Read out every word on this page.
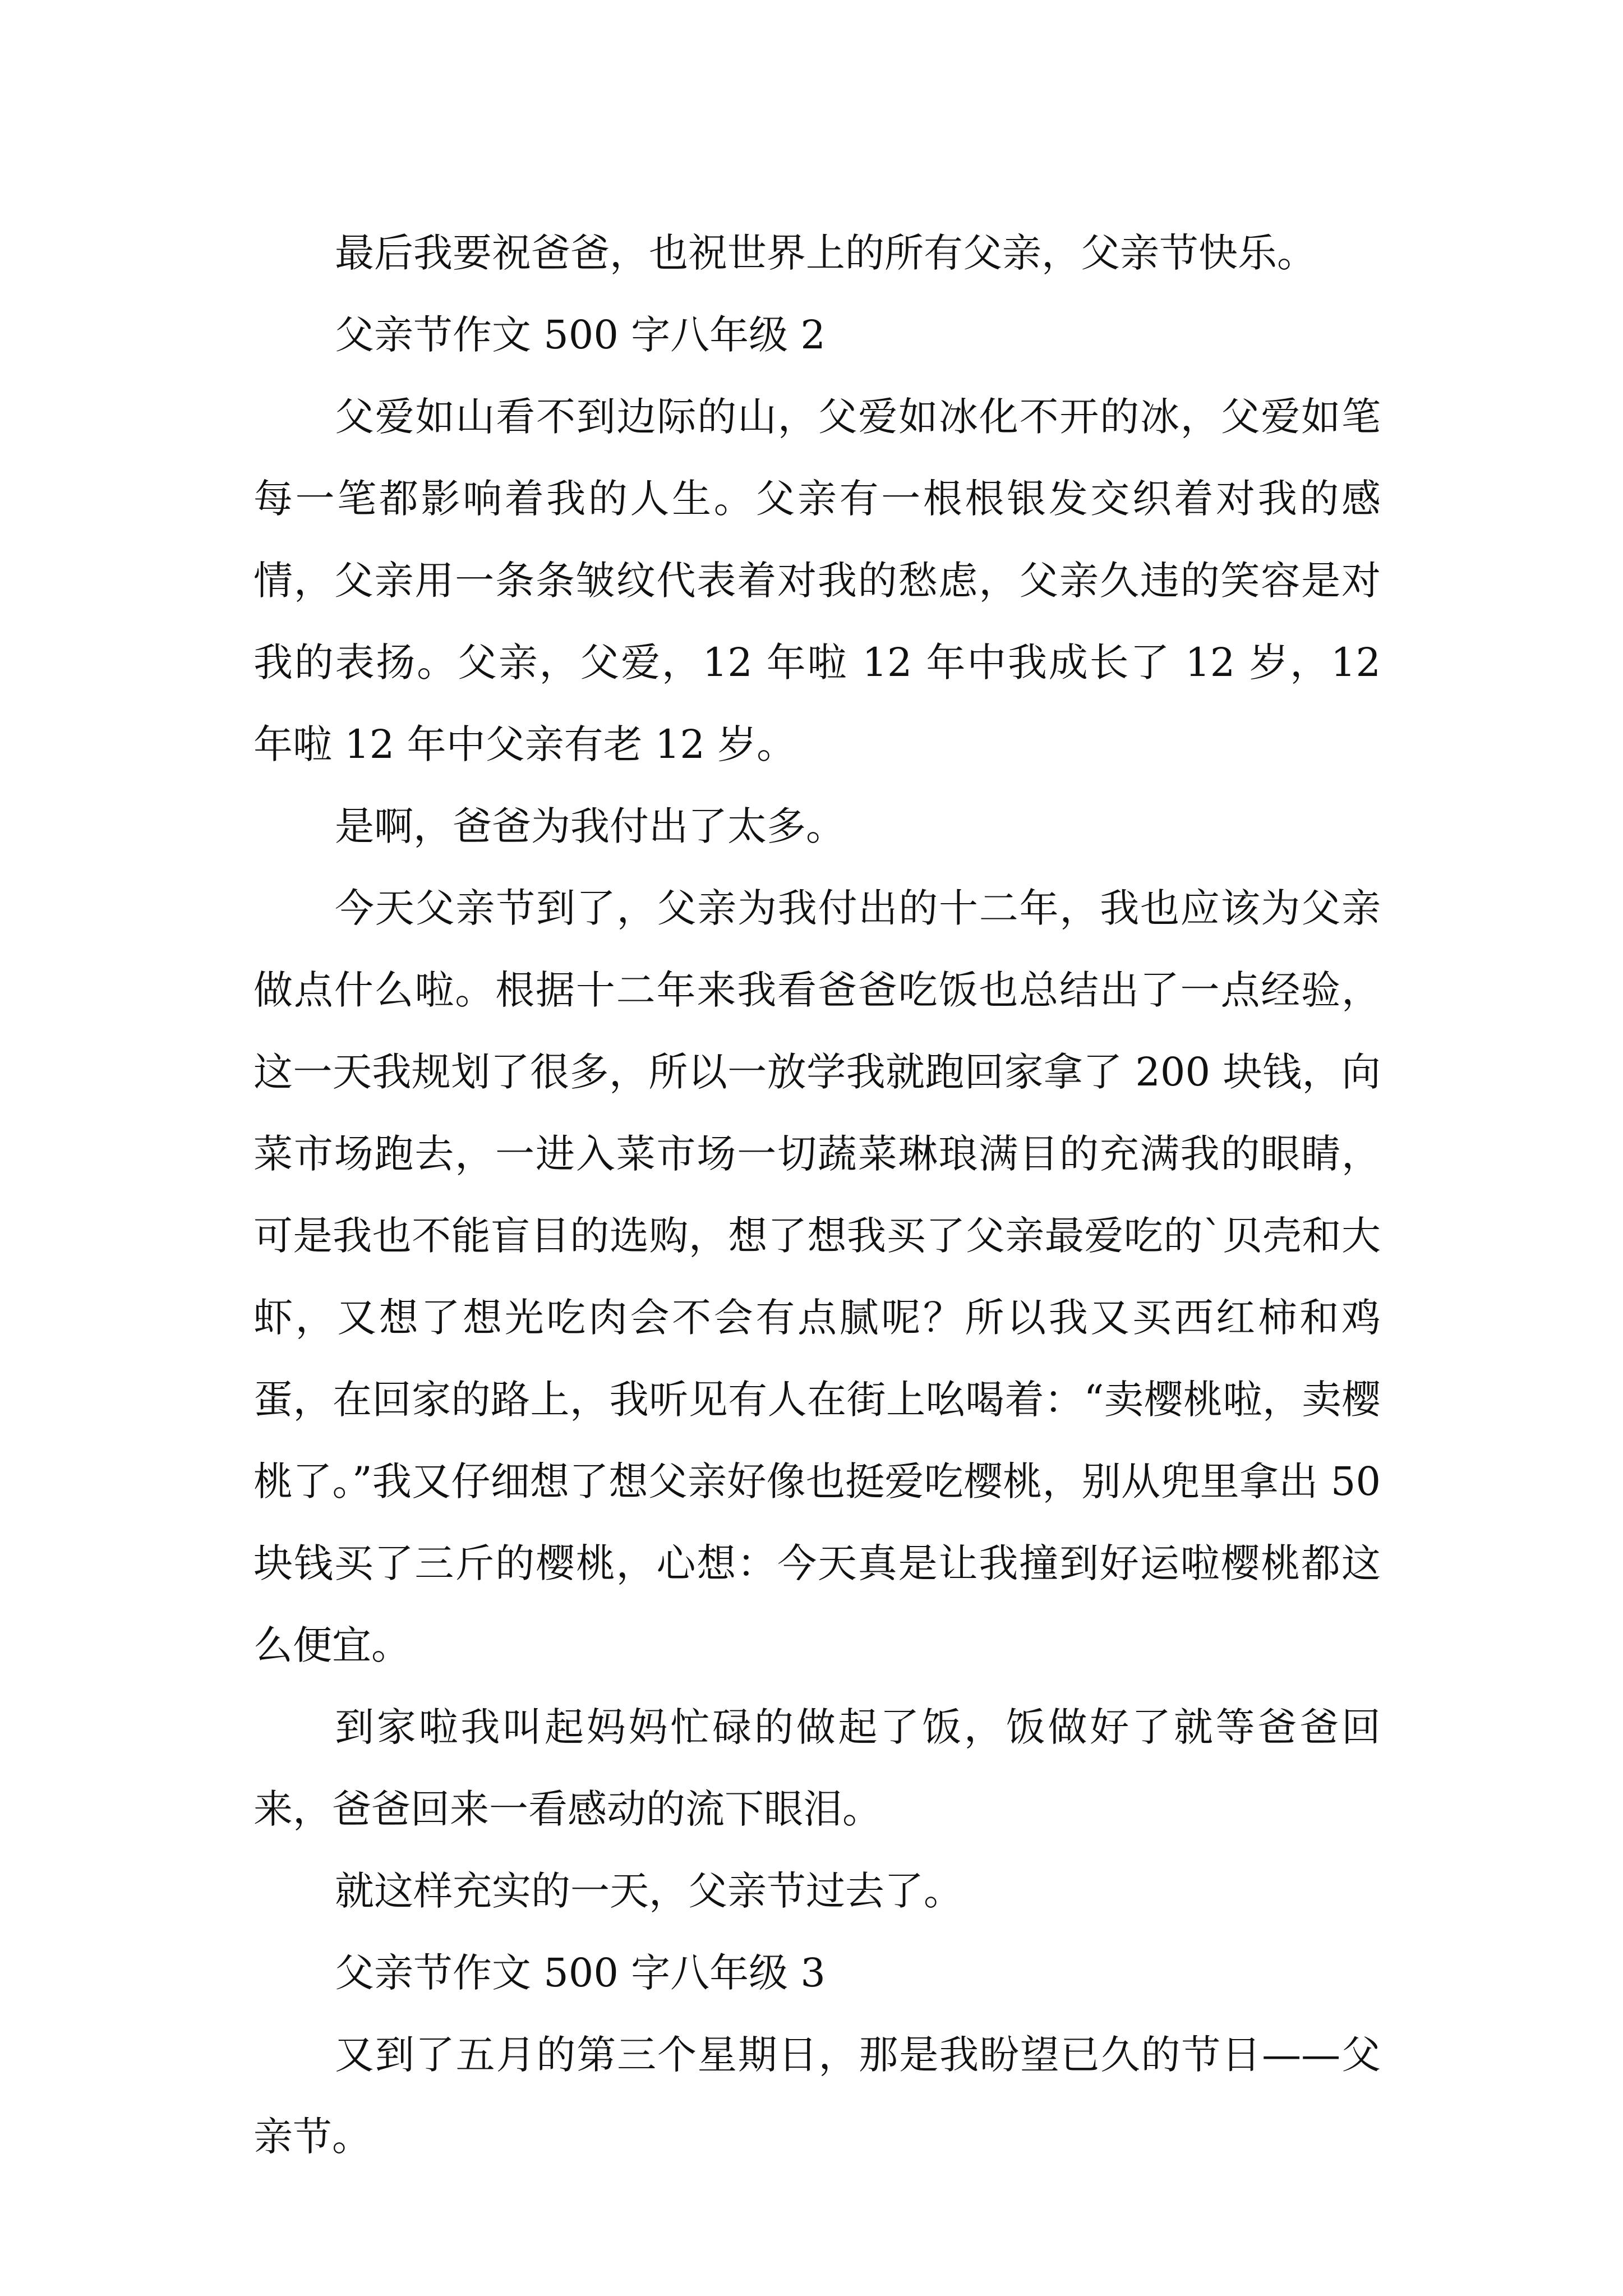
最后我要祝爸爸，也祝世界上的所有父亲，父亲节快乐。

父亲节作文 500 字八年级 2

父爱如山看不到边际的山，父爱如冰化不开的冰，父爱如笔每一笔都影响着我的人生。父亲有一根根银发交织着对我的感情，父亲用一条条皱纹代表着对我的愁虑，父亲久违的笑容是对我的表扬。父亲，父爱，12 年啦 12 年中我成长了 12 岁，12 年啦 12 年中父亲有老 12 岁。

是啊，爸爸为我付出了太多。

今天父亲节到了，父亲为我付出的十二年，我也应该为父亲做点什么啦。根据十二年来我看爸爸吃饭也总结出了一点经验，这一天我规划了很多，所以一放学我就跑回家拿了 200 块钱，向菜市场跑去，一进入菜市场一切蔬菜琳琅满目的充满我的眼睛，可是我也不能盲目的选购，想了想我买了父亲最爱吃的`贝壳和大虾，又想了想光吃肉会不会有点腻呢？所以我又买西红柿和鸡蛋，在回家的路上，我听见有人在街上吆喝着：“卖樱桃啦，卖樱桃了。”我又仔细想了想父亲好像也挺爱吃樱桃，别从兜里拿出 50 块钱买了三斤的樱桃，心想：今天真是让我撞到好运啦樱桃都这么便宜。

到家啦我叫起妈妈忙碌的做起了饭，饭做好了就等爸爸回来，爸爸回来一看感动的流下眼泪。

就这样充实的一天，父亲节过去了。

父亲节作文 500 字八年级 3

又到了五月的第三个星期日，那是我盼望已久的节日——父亲节。
